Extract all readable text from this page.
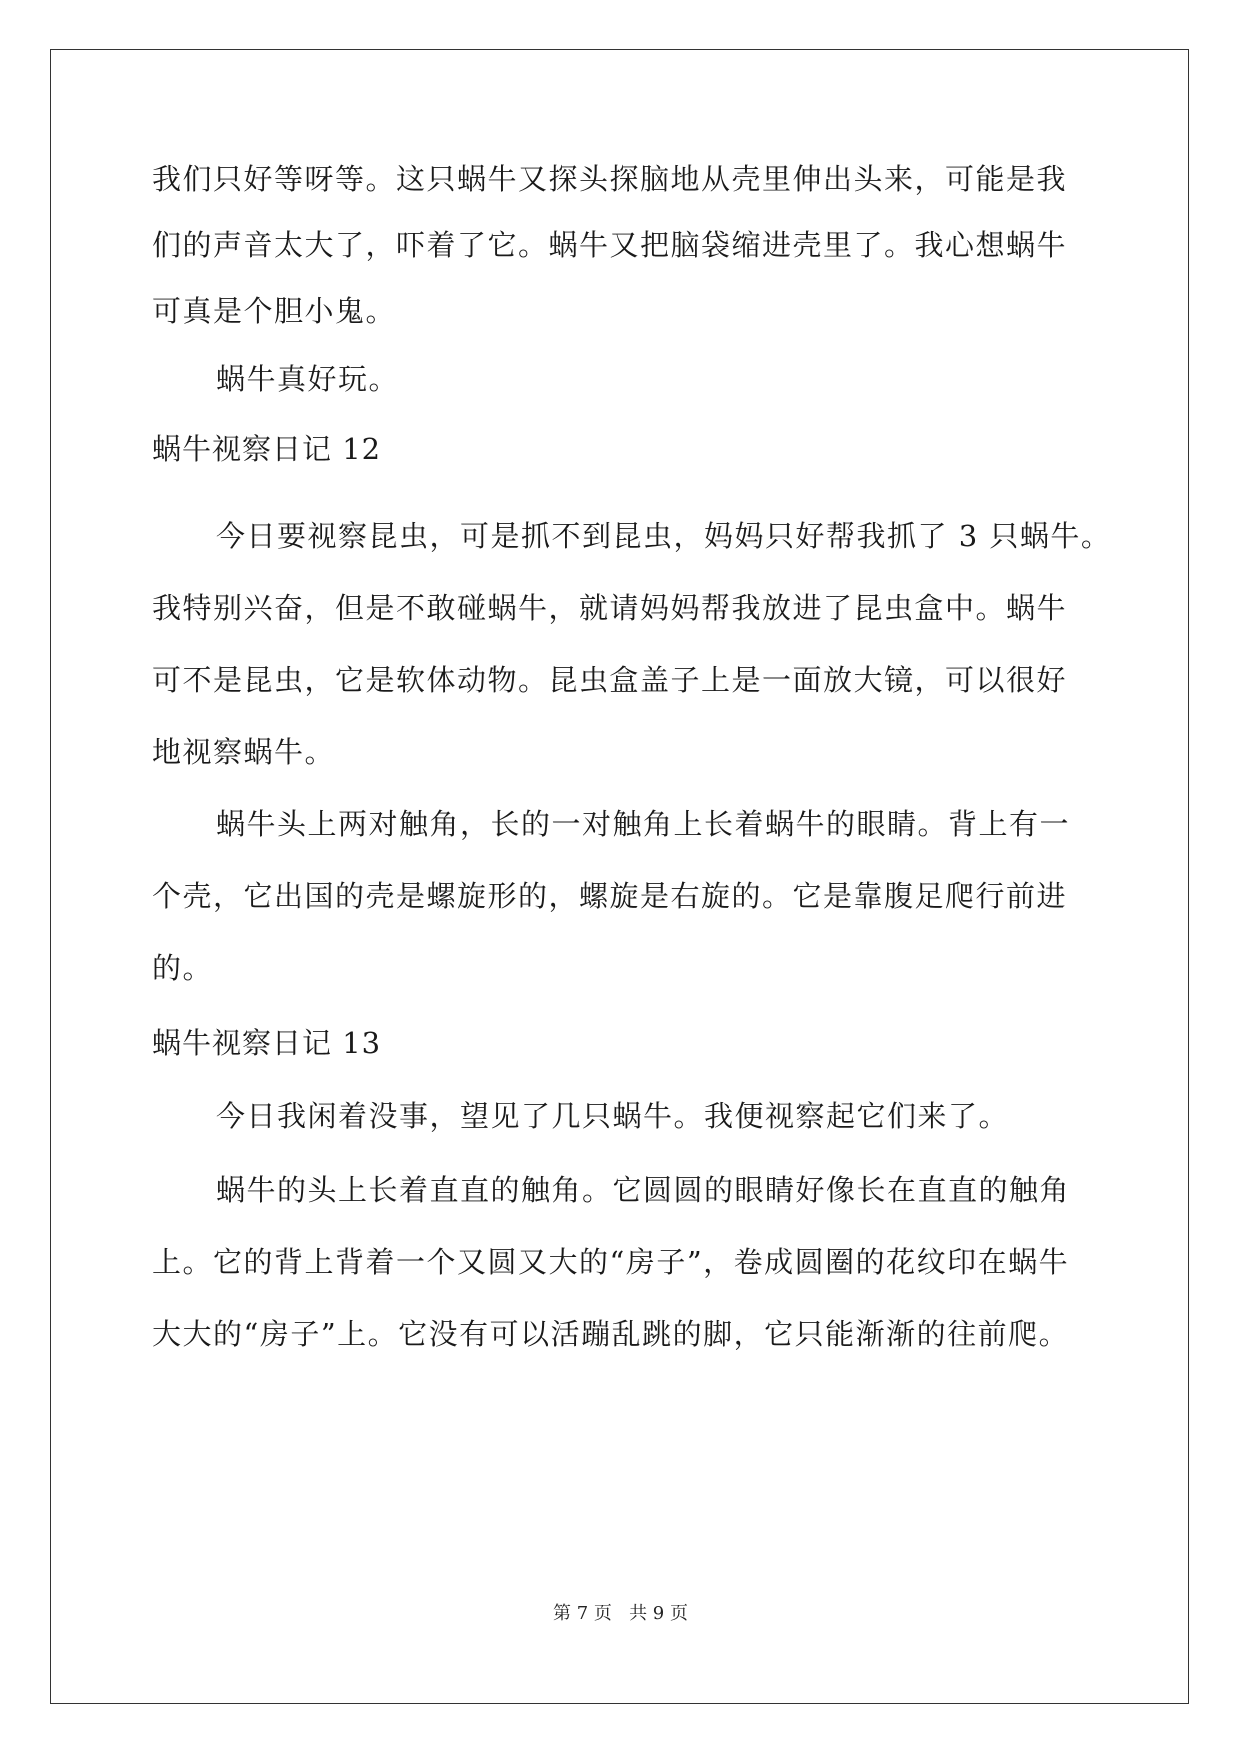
我们只好等呀等。这只蜗牛又探头探脑地从壳里伸出头来，可能是我
们的声音太大了，吓着了它。蜗牛又把脑袋缩进壳里了。我心想蜗牛
可真是个胆小鬼。
蜗牛真好玩。
蜗牛视察日记 12
今日要视察昆虫，可是抓不到昆虫，妈妈只好帮我抓了 3 只蜗牛。
我特别兴奋，但是不敢碰蜗牛，就请妈妈帮我放进了昆虫盒中。蜗牛
可不是昆虫，它是软体动物。昆虫盒盖子上是一面放大镜，可以很好
地视察蜗牛。
蜗牛头上两对触角，长的一对触角上长着蜗牛的眼睛。背上有一
个壳，它出国的壳是螺旋形的，螺旋是右旋的。它是靠腹足爬行前进
的。
蜗牛视察日记 13
今日我闲着没事，望见了几只蜗牛。我便视察起它们来了。
蜗牛的头上长着直直的触角。它圆圆的眼睛好像长在直直的触角
上。它的背上背着一个又圆又大的“房子”，卷成圆圈的花纹印在蜗牛
大大的“房子”上。它没有可以活蹦乱跳的脚，它只能渐渐的往前爬。
第 7 页   共 9 页
